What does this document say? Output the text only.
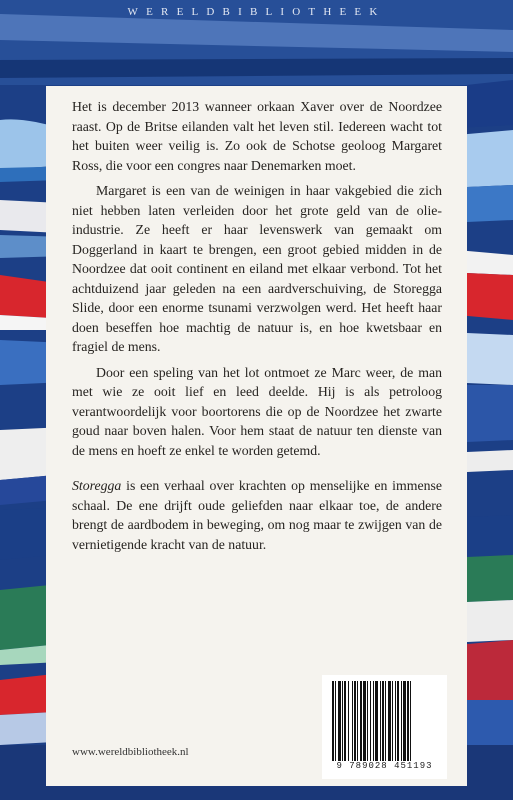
WERELDBIBLIOTHEEK

Het is december 2013 wanneer orkaan Xaver over de Noordzee raast. Op de Britse eilanden valt het leven stil. Iedereen wacht tot het buiten weer veilig is. Zo ook de Schotse geoloog Margaret Ross, die voor een congres naar Denemarken moet.

Margaret is een van de weinigen in haar vakgebied die zich niet hebben laten verleiden door het grote geld van de olie-industrie. Ze heeft er haar levenswerk van gemaakt om Doggerland in kaart te brengen, een groot gebied midden in de Noordzee dat ooit continent en eiland met elkaar verbond. Tot het achtduizend jaar geleden na een aardverschuiving, de Storegga Slide, door een enorme tsunami verzwolgen werd. Het heeft haar doen beseffen hoe machtig de natuur is, en hoe kwetsbaar en fragiel de mens.

Door een speling van het lot ontmoet ze Marc weer, de man met wie ze ooit lief en leed deelde. Hij is als petroloog verantwoordelijk voor boortorens die op de Noordzee het zwarte goud naar boven halen. Voor hem staat de natuur ten dienste van de mens en hoeft ze enkel te worden getemd.

Storegga is een verhaal over krachten op menselijke en immense schaal. De ene drijft oude geliefden naar elkaar toe, de andere brengt de aardbodem in beweging, om nog maar te zwijgen van de vernietigende kracht van de natuur.

www.wereldbibliotheek.nl
9 789028 451193
